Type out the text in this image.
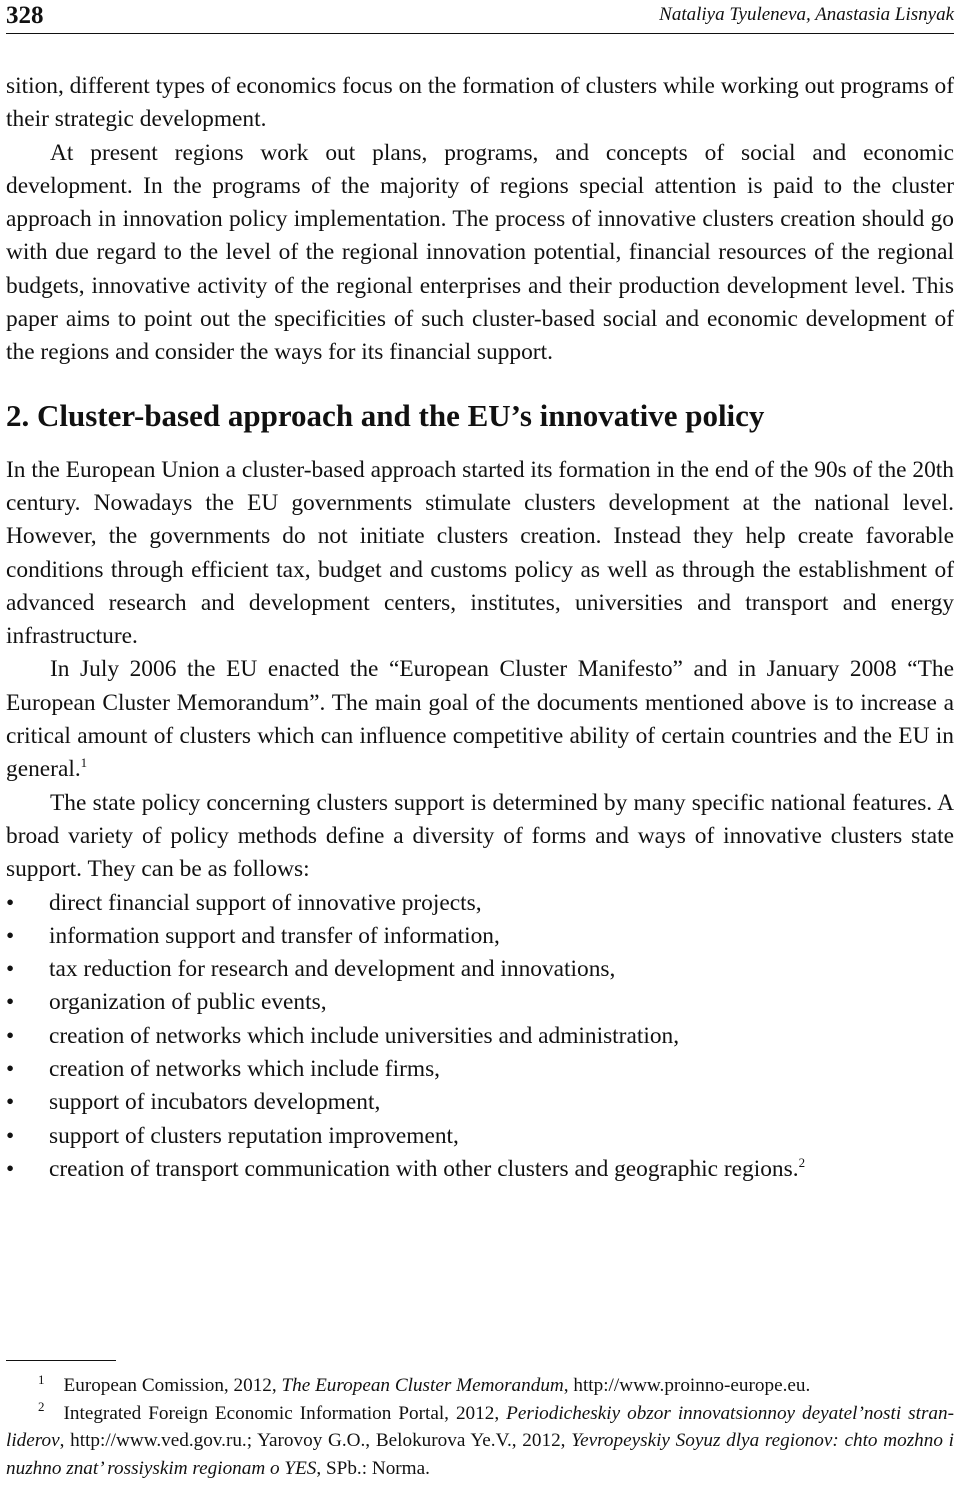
328	Nataliya Tyuleneva, Anastasia Lisnyak

sition, different types of economics focus on the formation of clusters while working out programs of their strategic development.

At present regions work out plans, programs, and concepts of social and economic development. In the programs of the majority of regions special attention is paid to the cluster approach in innovation policy implementation. The process of innovative clusters creation should go with due regard to the level of the regional innovation potential, financial resources of the regional budgets, innovative activity of the regional enterprises and their production development level. This paper aims to point out the specificities of such cluster-based social and economic development of the regions and consider the ways for its financial support.

2. Cluster-based approach and the EU’s innovative policy

In the European Union a cluster-based approach started its formation in the end of the 90s of the 20th century. Nowadays the EU governments stimulate clusters development at the national level. However, the governments do not initiate clusters creation. Instead they help create favorable conditions through efficient tax, budget and customs policy as well as through the establishment of advanced research and development centers, institutes, universities and transport and energy infrastructure.

In July 2006 the EU enacted the “European Cluster Manifesto” and in January 2008 “The European Cluster Memorandum”. The main goal of the documents mentioned above is to increase a critical amount of clusters which can influence competitive ability of certain countries and the EU in general.$^1$

The state policy concerning clusters support is determined by many specific national features. A broad variety of policy methods define a diversity of forms and ways of innovative clusters state support. They can be as follows:

• direct financial support of innovative projects,
• information support and transfer of information,
• tax reduction for research and development and innovations,
• organization of public events,
• creation of networks which include universities and administration,
• creation of networks which include firms,
• support of incubators development,
• support of clusters reputation improvement,
• creation of transport communication with other clusters and geographic regions.$^2$

$^1$ European Comission, 2012, The European Cluster Memorandum, http://www.proinno-europe.eu.

$^2$ Integrated Foreign Economic Information Portal, 2012, Periodicheskiy obzor innovatsionnoy deyatel’nosti stran-liderov, http://www.ved.gov.ru.; Yarovoy G.O., Belokurova Ye.V., 2012, Yevropeyskiy Soyuz dlya regionov: chto mozhno i nuzhno znat’ rossiyskim regionam o YES, SPb.: Norma.
